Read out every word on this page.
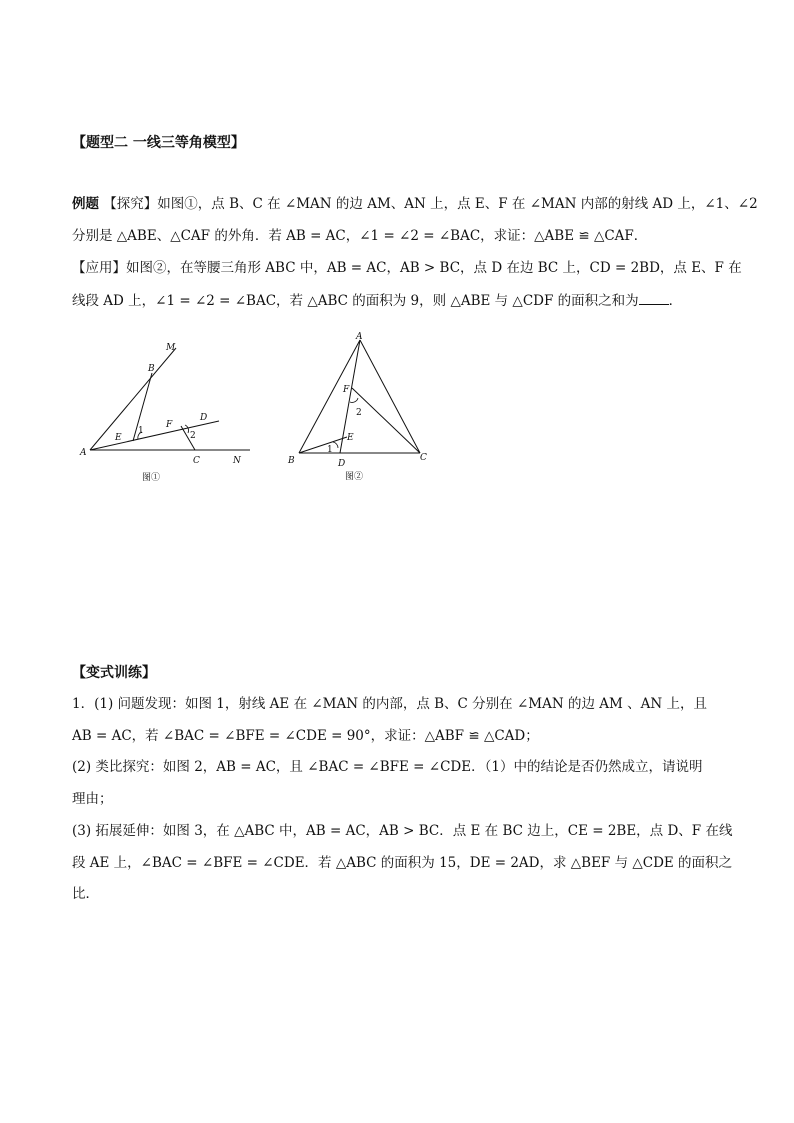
【题型二 一线三等角模型】
例题 【探究】如图①，点 B、C 在 ∠MAN 的边 AM、AN 上，点 E、F 在 ∠MAN 内部的射线 AD 上，∠1、∠2
分别是 △ABE、△CAF 的外角．若 AB = AC，∠1 = ∠2 = ∠BAC，求证：△ABE ≌ △CAF．
【应用】如图②，在等腰三角形 ABC 中，AB = AC，AB > BC，点 D 在边 BC 上，CD = 2BD，点 E、F 在
线段 AD 上，∠1 = ∠2 = ∠BAC，若 △ABC 的面积为 9，则 △ABE 与 △CDF 的面积之和为 ．
M
B
D
F
E
1	2
A
C	N
图①
A
F
2
E
1
B	D
C
图②
【变式训练】
1．(1) 问题发现：如图 1，射线 AE 在 ∠MAN 的内部，点 B、C 分别在 ∠MAN 的边 AM 、AN 上，且
AB = AC，若 ∠BAC = ∠BFE = ∠CDE = 90°，求证：△ABF ≌ △CAD；
(2) 类比探究：如图 2，AB = AC，且 ∠BAC = ∠BFE = ∠CDE．（1）中的结论是否仍然成立，请说明
理由；
(3) 拓展延伸：如图 3，在 △ABC 中，AB = AC，AB > BC．点 E 在 BC 边上，CE = 2BE，点 D、F 在线
段 AE 上，∠BAC = ∠BFE = ∠CDE．若 △ABC 的面积为 15，DE = 2AD，求 △BEF 与 △CDE 的面积之
比．
